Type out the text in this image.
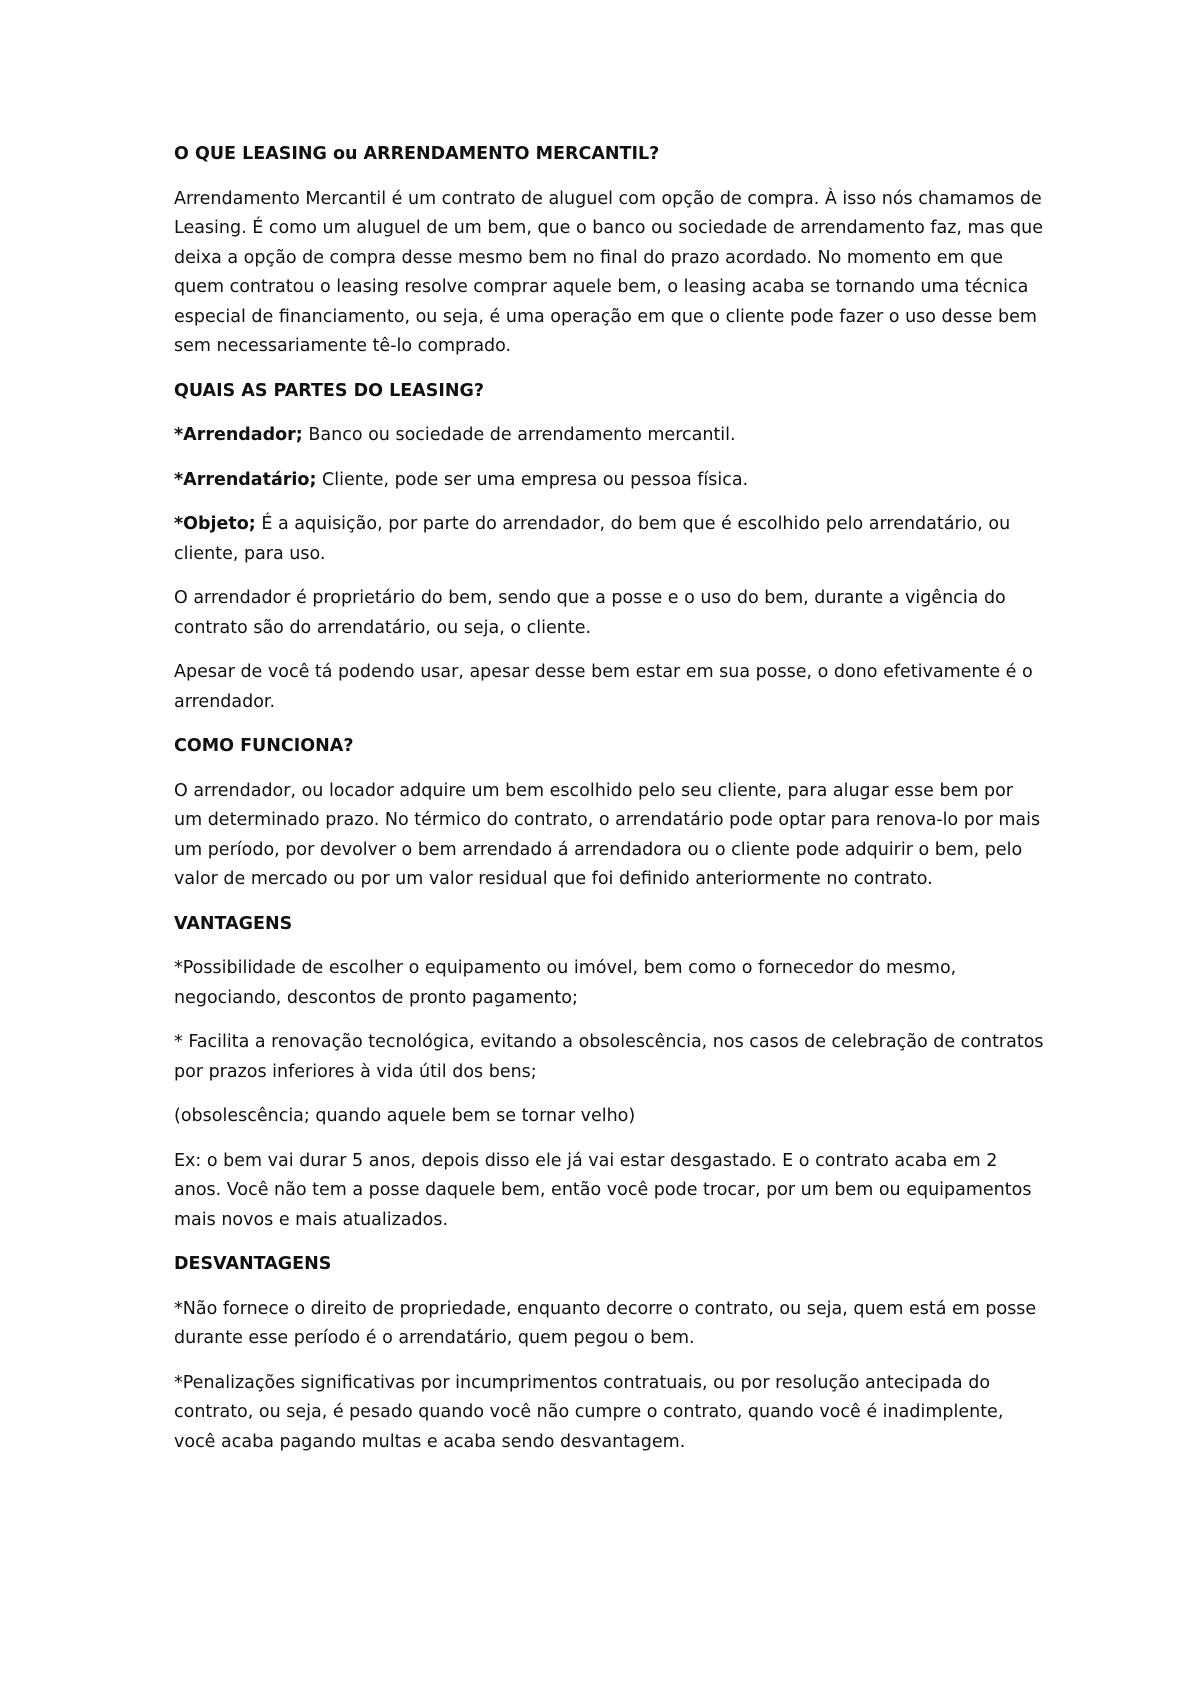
O QUE LEASING ou ARRENDAMENTO MERCANTIL?

Arrendamento Mercantil é um contrato de aluguel com opção de compra. À isso nós chamamos de Leasing. É como um aluguel de um bem, que o banco ou sociedade de arrendamento faz, mas que deixa a opção de compra desse mesmo bem no final do prazo acordado. No momento em que quem contratou o leasing resolve comprar aquele bem, o leasing acaba se tornando uma técnica especial de financiamento, ou seja, é uma operação em que o cliente pode fazer o uso desse bem sem necessariamente tê-lo comprado.

QUAIS AS PARTES DO LEASING?

*Arrendador; Banco ou sociedade de arrendamento mercantil.

*Arrendatário; Cliente, pode ser uma empresa ou pessoa física.

*Objeto; É a aquisição, por parte do arrendador, do bem que é escolhido pelo arrendatário, ou cliente, para uso.

O arrendador é proprietário do bem, sendo que a posse e o uso do bem, durante a vigência do contrato são do arrendatário, ou seja, o cliente.

Apesar de você tá podendo usar, apesar desse bem estar em sua posse, o dono efetivamente é o arrendador.

COMO FUNCIONA?

O arrendador, ou locador adquire um bem escolhido pelo seu cliente, para alugar esse bem por um determinado prazo. No térmico do contrato, o arrendatário pode optar para renova-lo por mais um período, por devolver o bem arrendado á arrendadora ou o cliente pode adquirir o bem, pelo valor de mercado ou por um valor residual que foi definido anteriormente no contrato.

VANTAGENS

*Possibilidade de escolher o equipamento ou imóvel, bem como o fornecedor do mesmo, negociando, descontos de pronto pagamento;

* Facilita a renovação tecnológica, evitando a obsolescência, nos casos de celebração de contratos por prazos inferiores à vida útil dos bens;

(obsolescência; quando aquele bem se tornar velho)

Ex: o bem vai durar 5 anos, depois disso ele já vai estar desgastado. E o contrato acaba em 2 anos. Você não tem a posse daquele bem, então você pode trocar, por um bem ou equipamentos mais novos e mais atualizados.

DESVANTAGENS

*Não fornece o direito de propriedade, enquanto decorre o contrato, ou seja, quem está em posse durante esse período é o arrendatário, quem pegou o bem.

*Penalizações significativas por incumprimentos contratuais, ou por resolução antecipada do contrato, ou seja, é pesado quando você não cumpre o contrato, quando você é inadimplente, você acaba pagando multas e acaba sendo desvantagem.
